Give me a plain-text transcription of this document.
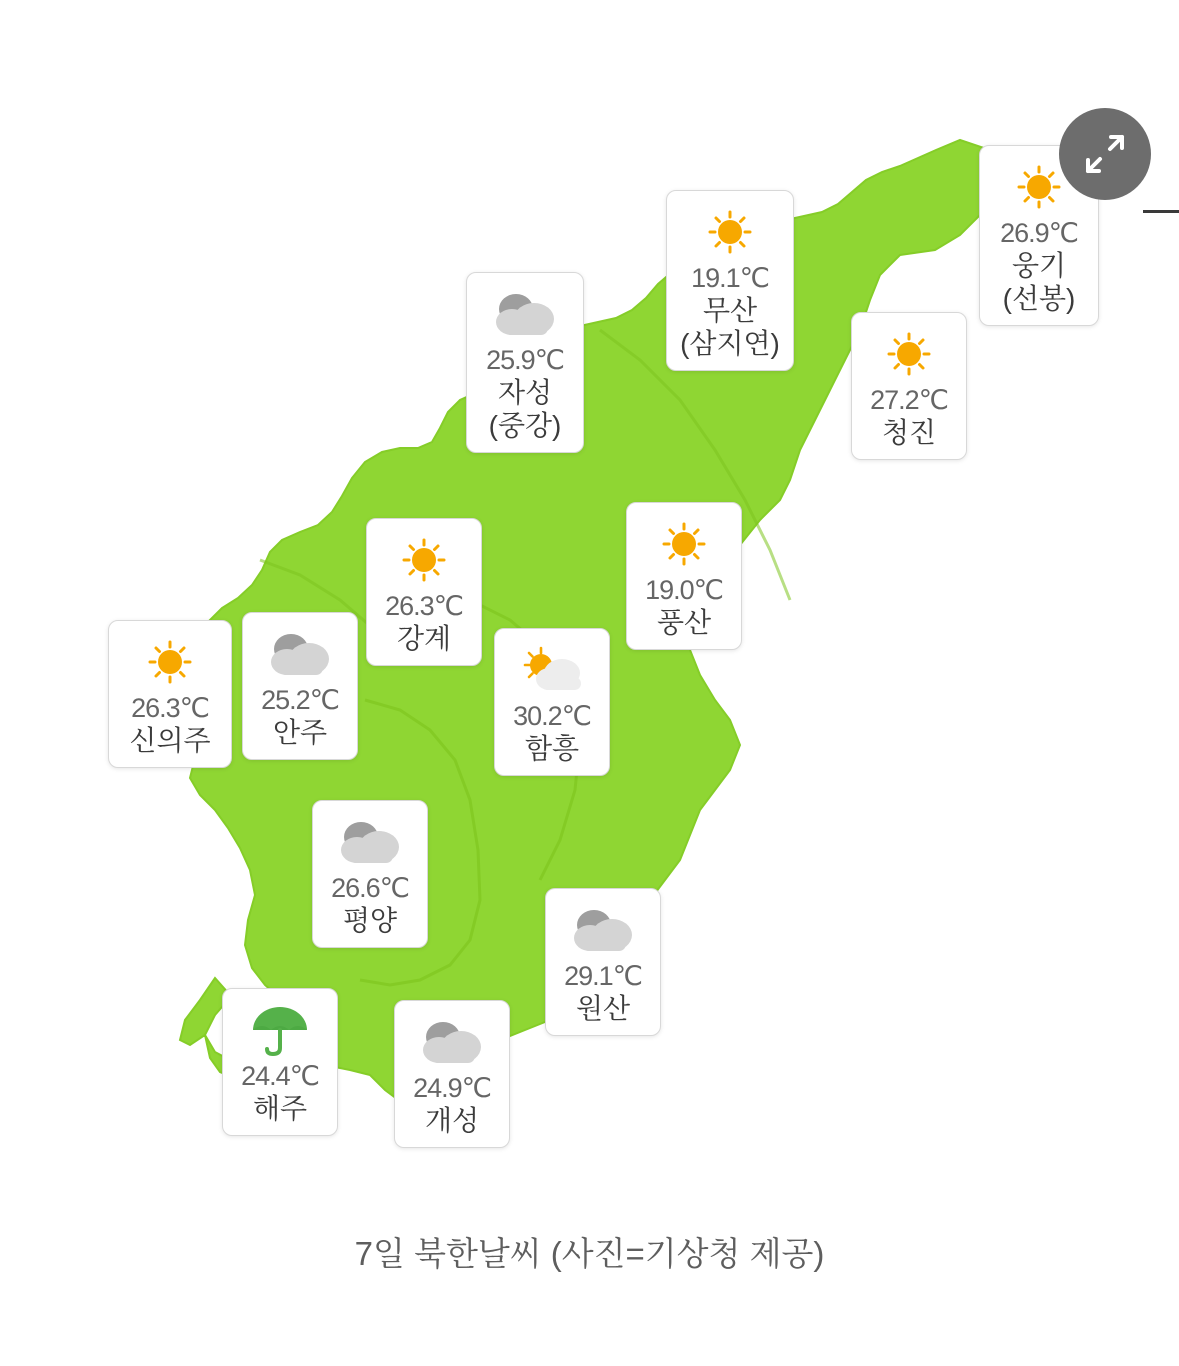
26.9℃
웅기
(선봉)
19.1℃
무산
(삼지연)
27.2℃
청진
25.9℃
자성
(중강)
19.0℃
풍산
26.3℃
강계
30.2℃
함흥
25.2℃
안주
26.3℃
신의주
26.6℃
평양
29.1℃
원산
24.4℃
해주
24.9℃
개성
7일 북한날씨 (사진=기상청 제공)
